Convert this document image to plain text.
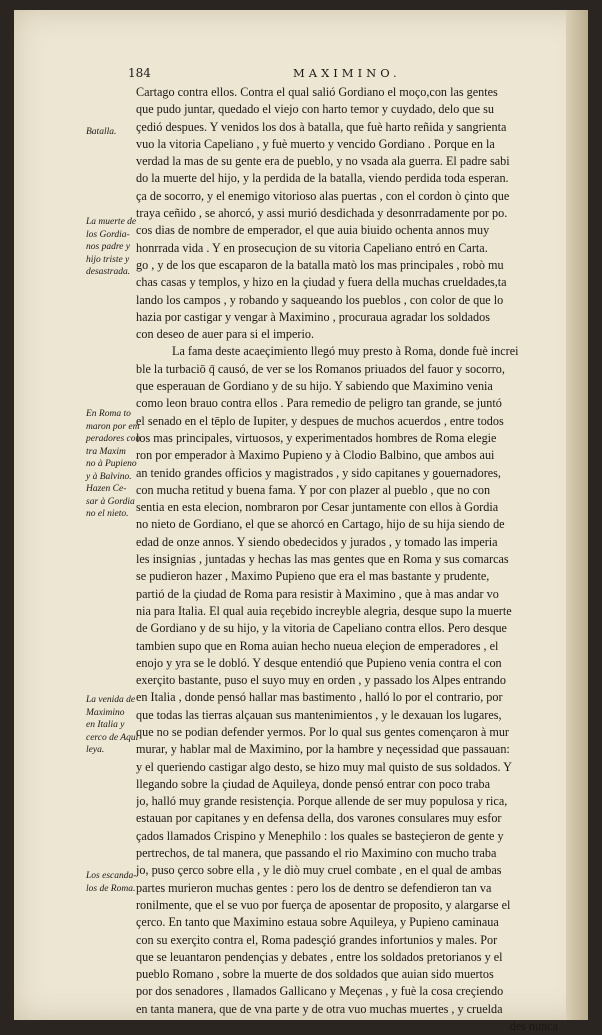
184	MAXIMINO.
Batalla.
La muerte de
los Gordia-
nos padre y
hijo triste y
desastrada.
En Roma to
maron por em
peradores con
tra Maxim
no à Pupieno
y à Balvino.
Hazen Ce-
sar à Gordia
no el nieto.
La venida de
Maximino
en Italia y
cerco de Aqui
leya.
Los escanda-
los de Roma.
Cartago contra ellos. Contra el qual salió Gordiano el moço,con las gentes
que pudo juntar, quedado el viejo con harto temor y cuydado, delo que su
çedió despues. Y venidos los dos à batalla, que fuè harto reñida y sangrienta
vuo la vitoria Capeliano , y fuè muerto y vencido Gordiano . Porque en la
verdad la mas de su gente era de pueblo, y no vsada ala guerra. El padre sabi
do la muerte del hijo, y la perdida de la batalla, viendo perdida toda esperan.
ça de socorro, y el enemigo vitorioso alas puertas , con el cordon ò çinto que
traya ceñido , se ahorcó, y assi murió desdichada y desonrradamente por po.
cos dias de nombre de emperador, el que auia biuido ochenta annos muy
honrrada vida . Y en prosecuçion de su vitoria Capeliano entró en Carta.
go , y de los que escaparon de la batalla matò los mas principales , robò mu
chas casas y templos, y hizo en la çiudad y fuera della muchas crueldades,ta
lando los campos , y robando y saqueando los pueblos , con color de que lo
hazia por castigar y vengar à Maximino , procuraua agradar los soldados
con deseo de auer para si el imperio.
La fama deste acaeçimiento llegó muy presto à Roma, donde fuè increi
ble la turbaciō q̄ causó, de ver se los Romanos priuados del fauor y socorro,
que esperauan de Gordiano y de su hijo. Y sabiendo que Maximino venia
como leon brauo contra ellos . Para remedio de peligro tan grande, se juntó
el senado en el tēplo de Iupiter, y despues de muchos acuerdos , entre todos
los mas principales, virtuosos, y experimentados hombres de Roma elegie
ron por emperador à Maximo Pupieno y à Clodio Balbino, que ambos aui
an tenido grandes officios y magistrados , y sido capitanes y gouernadores,
con mucha retitud y buena fama. Y por con plazer al pueblo , que no con
sentia en esta elecion, nombraron por Cesar juntamente con ellos à Gordia
no nieto de Gordiano, el que se ahorcó en Cartago, hijo de su hija siendo de
edad de onze annos. Y siendo obedecidos y jurados , y tomado las imperia
les insignias , juntadas y hechas las mas gentes que en Roma y sus comarcas
se pudieron hazer , Maximo Pupieno que era el mas bastante y prudente,
partió de la çiudad de Roma para resistir à Maximino , que à mas andar vo
nia para Italia. El qual auia reçebido increyble alegria, desque supo la muerte
de Gordiano y de su hijo, y la vitoria de Capeliano contra ellos. Pero desque
tambien supo que en Roma auian hecho nueua eleçion de emperadores , el
enojo y yra se le dobló. Y desque entendió que Pupieno venia contra el con
exerçito bastante, puso el suyo muy en orden , y passado los Alpes entrando
en Italia , donde pensó hallar mas bastimento , halló lo por el contrario, por
que todas las tierras alçauan sus mantenimientos , y le dexauan los lugares,
que no se podian defender yermos. Por lo qual sus gentes començaron à mur
murar, y hablar mal de Maximino, por la hambre y neçessidad que passauan:
y el queriendo castigar algo desto, se hizo muy mal quisto de sus soldados. Y
llegando sobre la çiudad de Aquileya, donde pensó entrar con poco traba
jo, halló muy grande resistençia. Porque allende de ser muy populosa y rica,
estauan por capitanes y en defensa della, dos varones consulares muy esfor
çados llamados Crispino y Menephilo : los quales se basteçieron de gente y
pertrechos, de tal manera, que passando el rio Maximino con mucho traba
jo, puso çerco sobre ella , y le diò muy cruel combate , en el qual de ambas
partes murieron muchas gentes : pero los de dentro se defendieron tan va
ronilmente, que el se vuo por fuerça de aposentar de proposito, y alargarse el
çerco. En tanto que Maximino estaua sobre Aquileya, y Pupieno caminaua
con su exerçito contra el, Roma padesçió grandes infortunios y males. Por
que se leuantaron pendençias y debates , entre los soldados pretorianos y el
pueblo Romano , sobre la muerte de dos soldados que auian sido muertos
por dos senadores , llamados Gallicano y Meçenas , y fuè la cosa creçiendo
en tanta manera, que de vna parte y de otra vuo muchas muertes , y cruelda
des nunca
